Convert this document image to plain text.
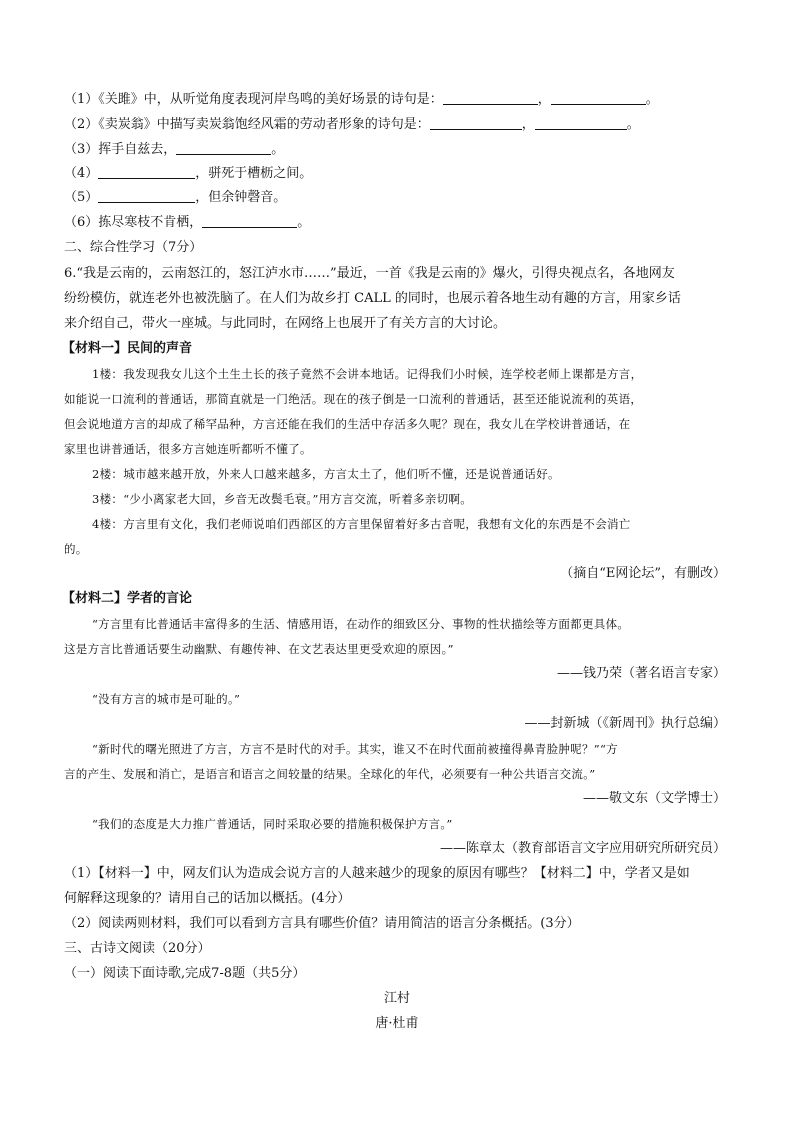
（1）《关雎》中，从听觉角度表现河岸鸟鸣的美好场景的诗句是：	，	。
（2）《卖炭翁》中描写卖炭翁饱经风霜的劳动者形象的诗句是：	，	。
（3）挥手自兹去，	。
（4）	，骈死于槽枥之间。
（5）	，但余钟磬音。
（6）拣尽寒枝不肯栖，	。
二、综合性学习（7分）
6.“我是云南的，云南怒江的，怒江泸水市……”最近，一首《我是云南的》爆火，引得央视点名，各地网友
纷纷模仿，就连老外也被洗脑了。在人们为故乡打 CALL 的同时，也展示着各地生动有趣的方言，用家乡话
来介绍自己，带火一座城。与此同时，在网络上也展开了有关方言的大讨论。
【材料一】民间的声音
1楼：我发现我女儿这个土生土长的孩子竟然不会讲本地话。记得我们小时候，连学校老师上课都是方言，
如能说一口流利的普通话，那简直就是一门绝活。现在的孩子倒是一口流利的普通话，甚至还能说流利的英语，
但会说地道方言的却成了稀罕品种，方言还能在我们的生活中存活多久呢？现在，我女儿在学校讲普通话，在
家里也讲普通话，很多方言她连听都听不懂了。
2楼：城市越来越开放，外来人口越来越多，方言太土了，他们听不懂，还是说普通话好。
3楼：“少小离家老大回，乡音无改鬓毛衰。”用方言交流，听着多亲切啊。
4楼：方言里有文化，我们老师说咱们西部区的方言里保留着好多古音呢，我想有文化的东西是不会消亡
的。
（摘自“E网论坛”，有删改）
【材料二】学者的言论
“方言里有比普通话丰富得多的生活、情感用语，在动作的细致区分、事物的性状描绘等方面都更具体。
这是方言比普通话要生动幽默、有趣传神、在文艺表达里更受欢迎的原因。”
——钱乃荣（著名语言专家）
“没有方言的城市是可耻的。”
——封新城（《新周刊》执行总编）
“新时代的曙光照进了方言，方言不是时代的对手。其实，谁又不在时代面前被撞得鼻青脸肿呢？”“方
言的产生、发展和消亡，是语言和语言之间较量的结果。全球化的年代，必须要有一种公共语言交流。”
——敬文东（文学博士）
“我们的态度是大力推广普通话，同时采取必要的措施积极保护方言。”
——陈章太（教育部语言文字应用研究所研究员）
（1）【材料一】中，网友们认为造成会说方言的人越来越少的现象的原因有哪些？【材料二】中，学者又是如
何解释这现象的？请用自己的话加以概括。(4分）
（2）阅读两则材料，我们可以看到方言具有哪些价值？请用简洁的语言分条概括。(3分）
三、古诗文阅读（20分）
（一）阅读下面诗歌,完成7-8题（共5分）
江村
唐·杜甫
